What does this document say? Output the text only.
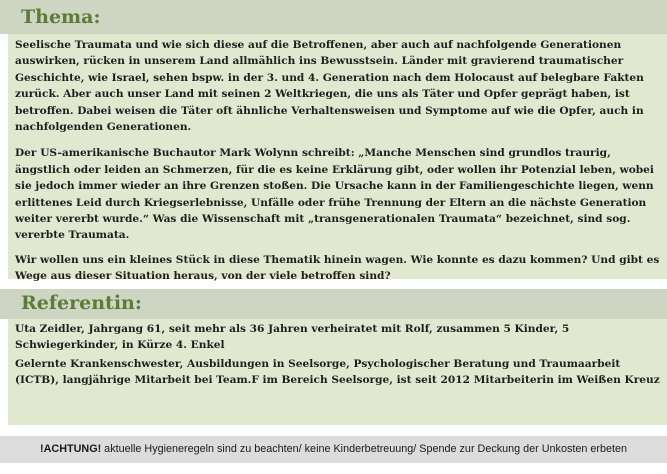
Thema:

Seelische Traumata und wie sich diese auf die Betroffenen, aber auch auf nachfolgende Generationen auswirken, rücken in unserem Land allmählich ins Bewusstsein. Länder mit gravierend traumatischer Geschichte, wie Israel, sehen bspw. in der 3. und 4. Generation nach dem Holocaust auf belegbare Fakten zurück. Aber auch unser Land mit seinen 2 Weltkriegen, die uns als Täter und Opfer geprägt haben, ist betroffen. Dabei weisen die Täter oft ähnliche Verhaltensweisen und Symptome auf wie die Opfer, auch in nachfolgenden Generationen.

Der US-amerikanische Buchautor Mark Wolynn schreibt: „Manche Menschen sind grundlos traurig, ängstlich oder leiden an Schmerzen, für die es keine Erklärung gibt, oder wollen ihr Potenzial leben, wobei sie jedoch immer wieder an ihre Grenzen stoßen. Die Ursache kann in der Familiengeschichte liegen, wenn erlittenes Leid durch Kriegserlebnisse, Unfälle oder frühe Trennung der Eltern an die nächste Generation weiter vererbt wurde.“ Was die Wissenschaft mit „transgenerationalen Traumata“ bezeichnet, sind sog. vererbte Traumata.

Wir wollen uns ein kleines Stück in diese Thematik hinein wagen. Wie konnte es dazu kommen? Und gibt es Wege aus dieser Situation heraus, von der viele betroffen sind?

Referentin:

Uta Zeidler, Jahrgang 61, seit mehr als 36 Jahren verheiratet mit Rolf, zusammen 5 Kinder, 5 Schwiegerkinder, in Kürze 4. Enkel

Gelernte Krankenschwester, Ausbildungen in Seelsorge, Psychologischer Beratung und Traumaarbeit (ICTB), langjährige Mitarbeit bei Team.F im Bereich Seelsorge, ist seit 2012 Mitarbeiterin im Weißen Kreuz

!ACHTUNG! aktuelle Hygieneregeln sind zu beachten/ keine Kinderbetreuung/ Spende zur Deckung der Unkosten erbeten
